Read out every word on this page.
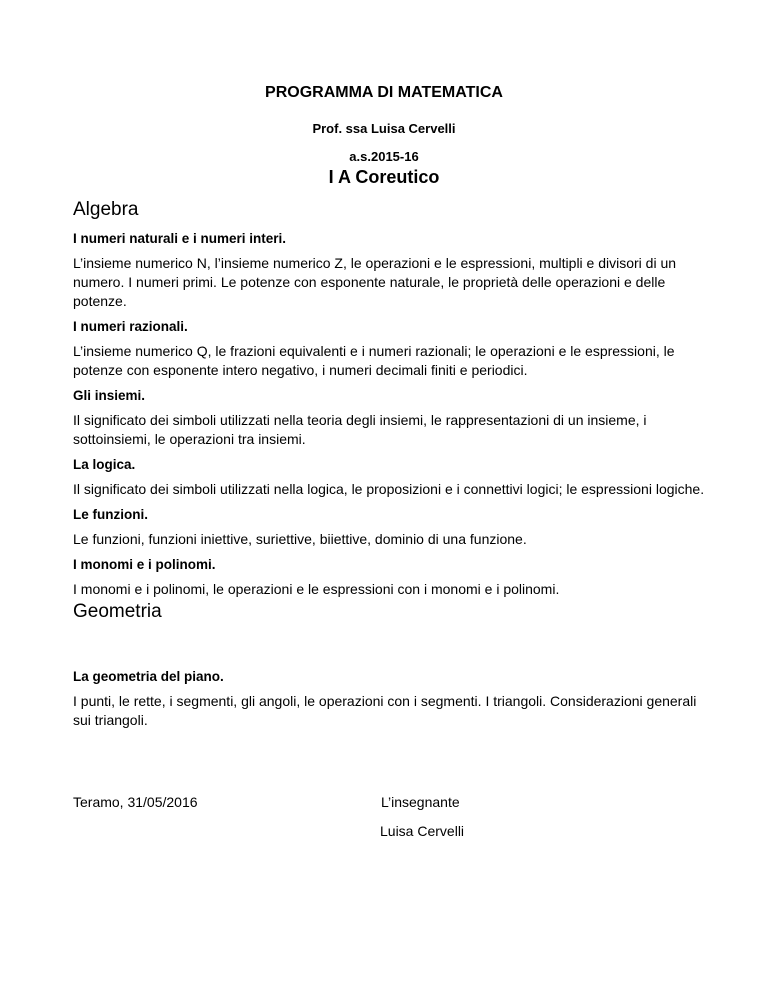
PROGRAMMA DI MATEMATICA
Prof. ssa Luisa Cervelli
a.s.2015-16
I A Coreutico
Algebra
I numeri naturali e i numeri interi.
L’insieme numerico N, l’insieme numerico Z, le operazioni e le espressioni, multipli e divisori di un numero. I numeri primi. Le potenze con esponente naturale, le proprietà delle operazioni e delle potenze.
I numeri razionali.
L’insieme numerico Q, le frazioni equivalenti e i numeri razionali; le operazioni e le espressioni, le potenze con esponente intero negativo, i numeri decimali finiti e periodici.
Gli insiemi.
Il significato dei simboli utilizzati nella teoria degli insiemi, le rappresentazioni di un insieme, i sottoinsiemi, le operazioni tra insiemi.
La logica.
Il significato dei simboli utilizzati nella logica, le proposizioni e i connettivi logici; le espressioni logiche.
Le funzioni.
Le funzioni, funzioni iniettive, suriettive, biiettive, dominio di una funzione.
I monomi e i polinomi.
I monomi e i polinomi, le operazioni e le espressioni con i monomi e i polinomi.
Geometria
La geometria del piano.
I punti, le rette, i segmenti, gli angoli, le operazioni con i segmenti. I triangoli. Considerazioni generali sui triangoli.
Teramo, 31/05/2016	L’insegnante
Luisa Cervelli
